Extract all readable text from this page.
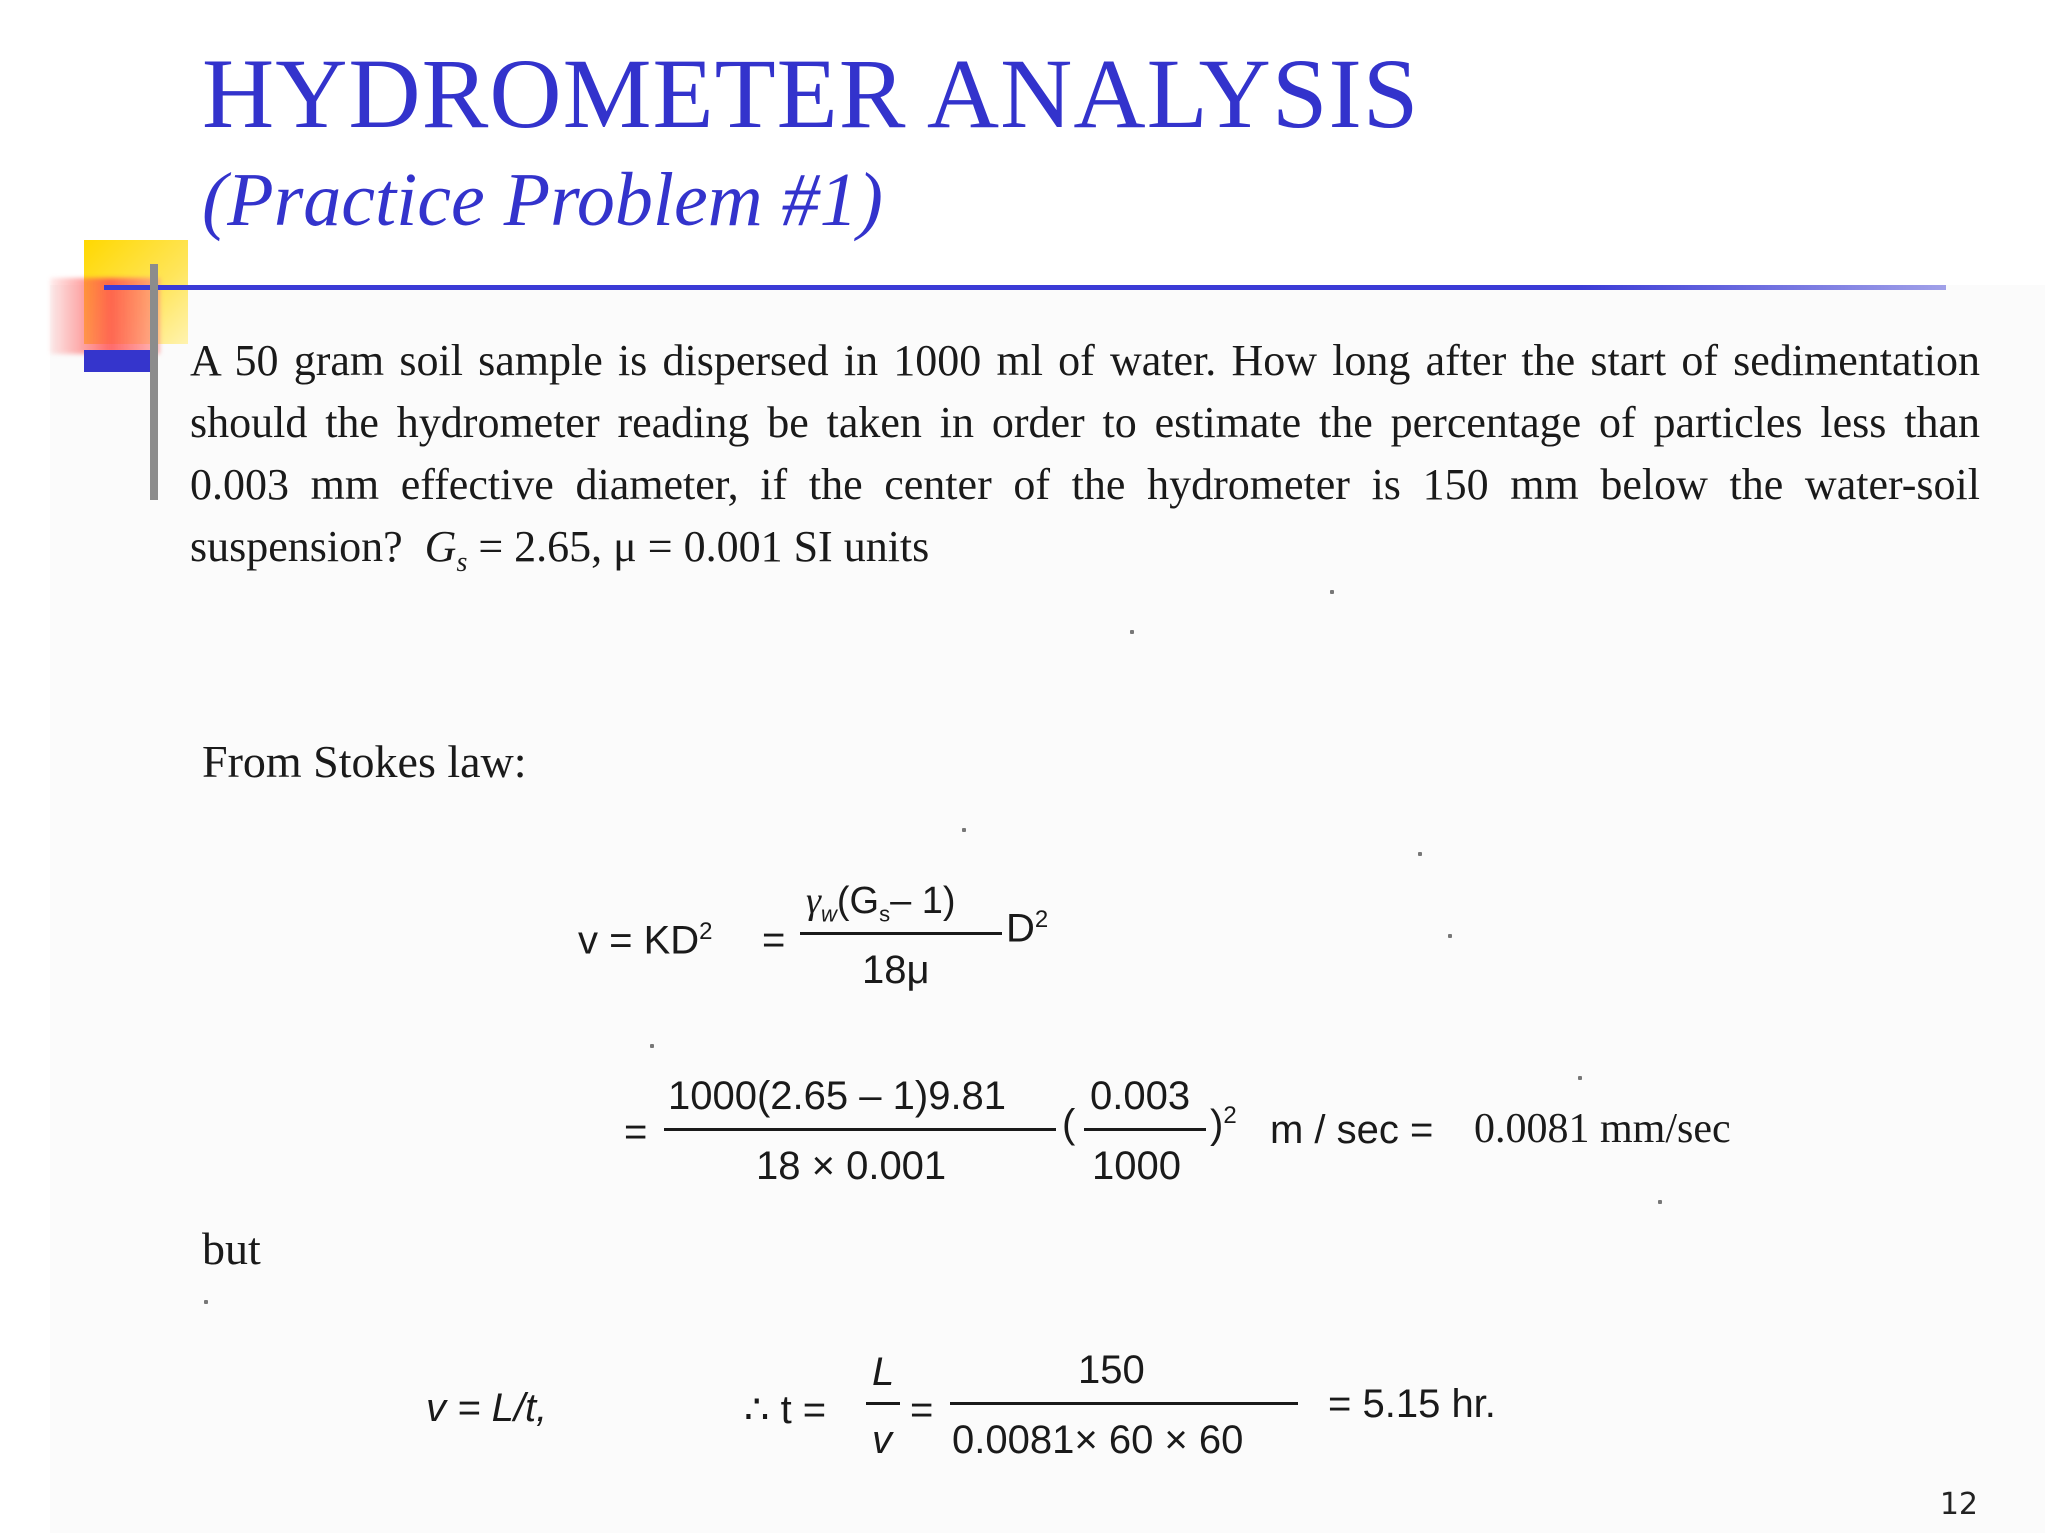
HYDROMETER ANALYSIS
(Practice Problem #1)
A 50 gram soil sample is dispersed in 1000 ml of water. How long after the start of sedimentation should the hydrometer reading be taken in order to estimate the percentage of particles less than 0.003 mm effective diameter, if the center of the hydrometer is 150 mm below the water-soil suspension? $G_s = 2.65$, μ = 0.001 SI units
From Stokes law:
$v = KD^2$ =
$\gamma_w(G_s-$ 1)
18μ
$D^2$
=
1000(2.65 – 1)9.81
18 × 0.001
(
0.003
1000
)$^2$ m / sec = 0.0081 mm/sec
but
v = L/t,	∴ t =
L
v
=
150
0.0081× 60 × 60
= 5.15 hr.
12
